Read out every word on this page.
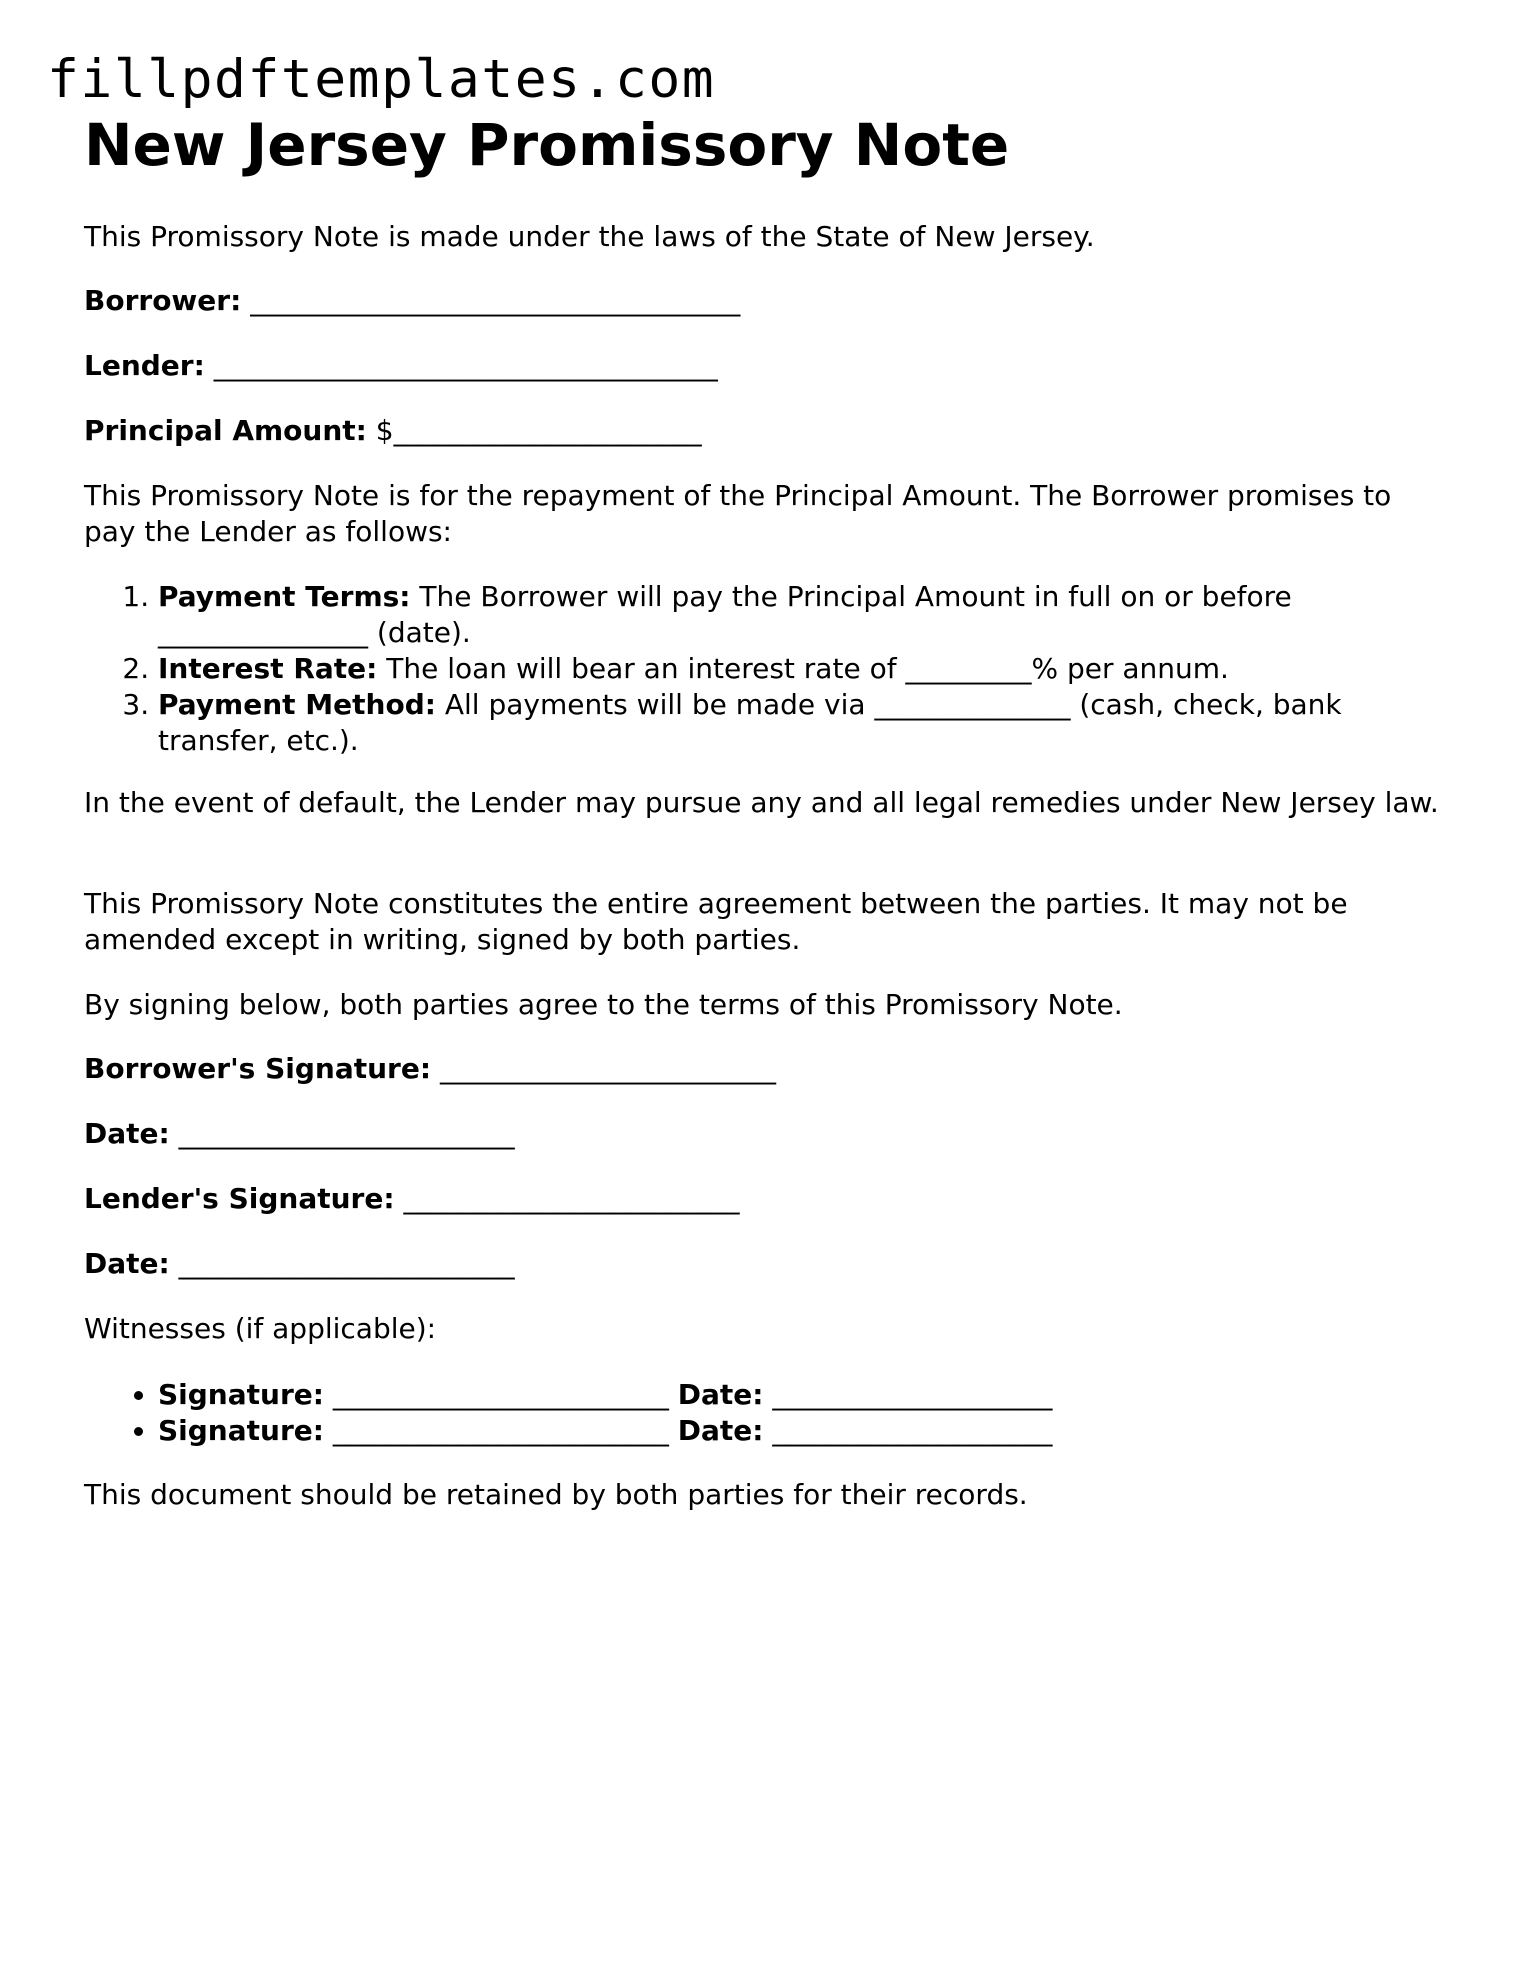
fillpdftemplates.com
New Jersey Promissory Note

This Promissory Note is made under the laws of the State of New Jersey.

Borrower: ___________________________________

Lender: ____________________________________

Principal Amount: $______________________

This Promissory Note is for the repayment of the Principal Amount. The Borrower promises to pay the Lender as follows:

1. Payment Terms: The Borrower will pay the Principal Amount in full on or before _______________ (date).
2. Interest Rate: The loan will bear an interest rate of _________% per annum.
3. Payment Method: All payments will be made via ______________ (cash, check, bank transfer, etc.).

In the event of default, the Lender may pursue any and all legal remedies under New Jersey law.

This Promissory Note constitutes the entire agreement between the parties. It may not be amended except in writing, signed by both parties.

By signing below, both parties agree to the terms of this Promissory Note.

Borrower's Signature: ________________________

Date: ________________________

Lender's Signature: ________________________

Date: ________________________

Witnesses (if applicable):

• Signature: ________________________ Date: ____________________
• Signature: ________________________ Date: ____________________

This document should be retained by both parties for their records.
